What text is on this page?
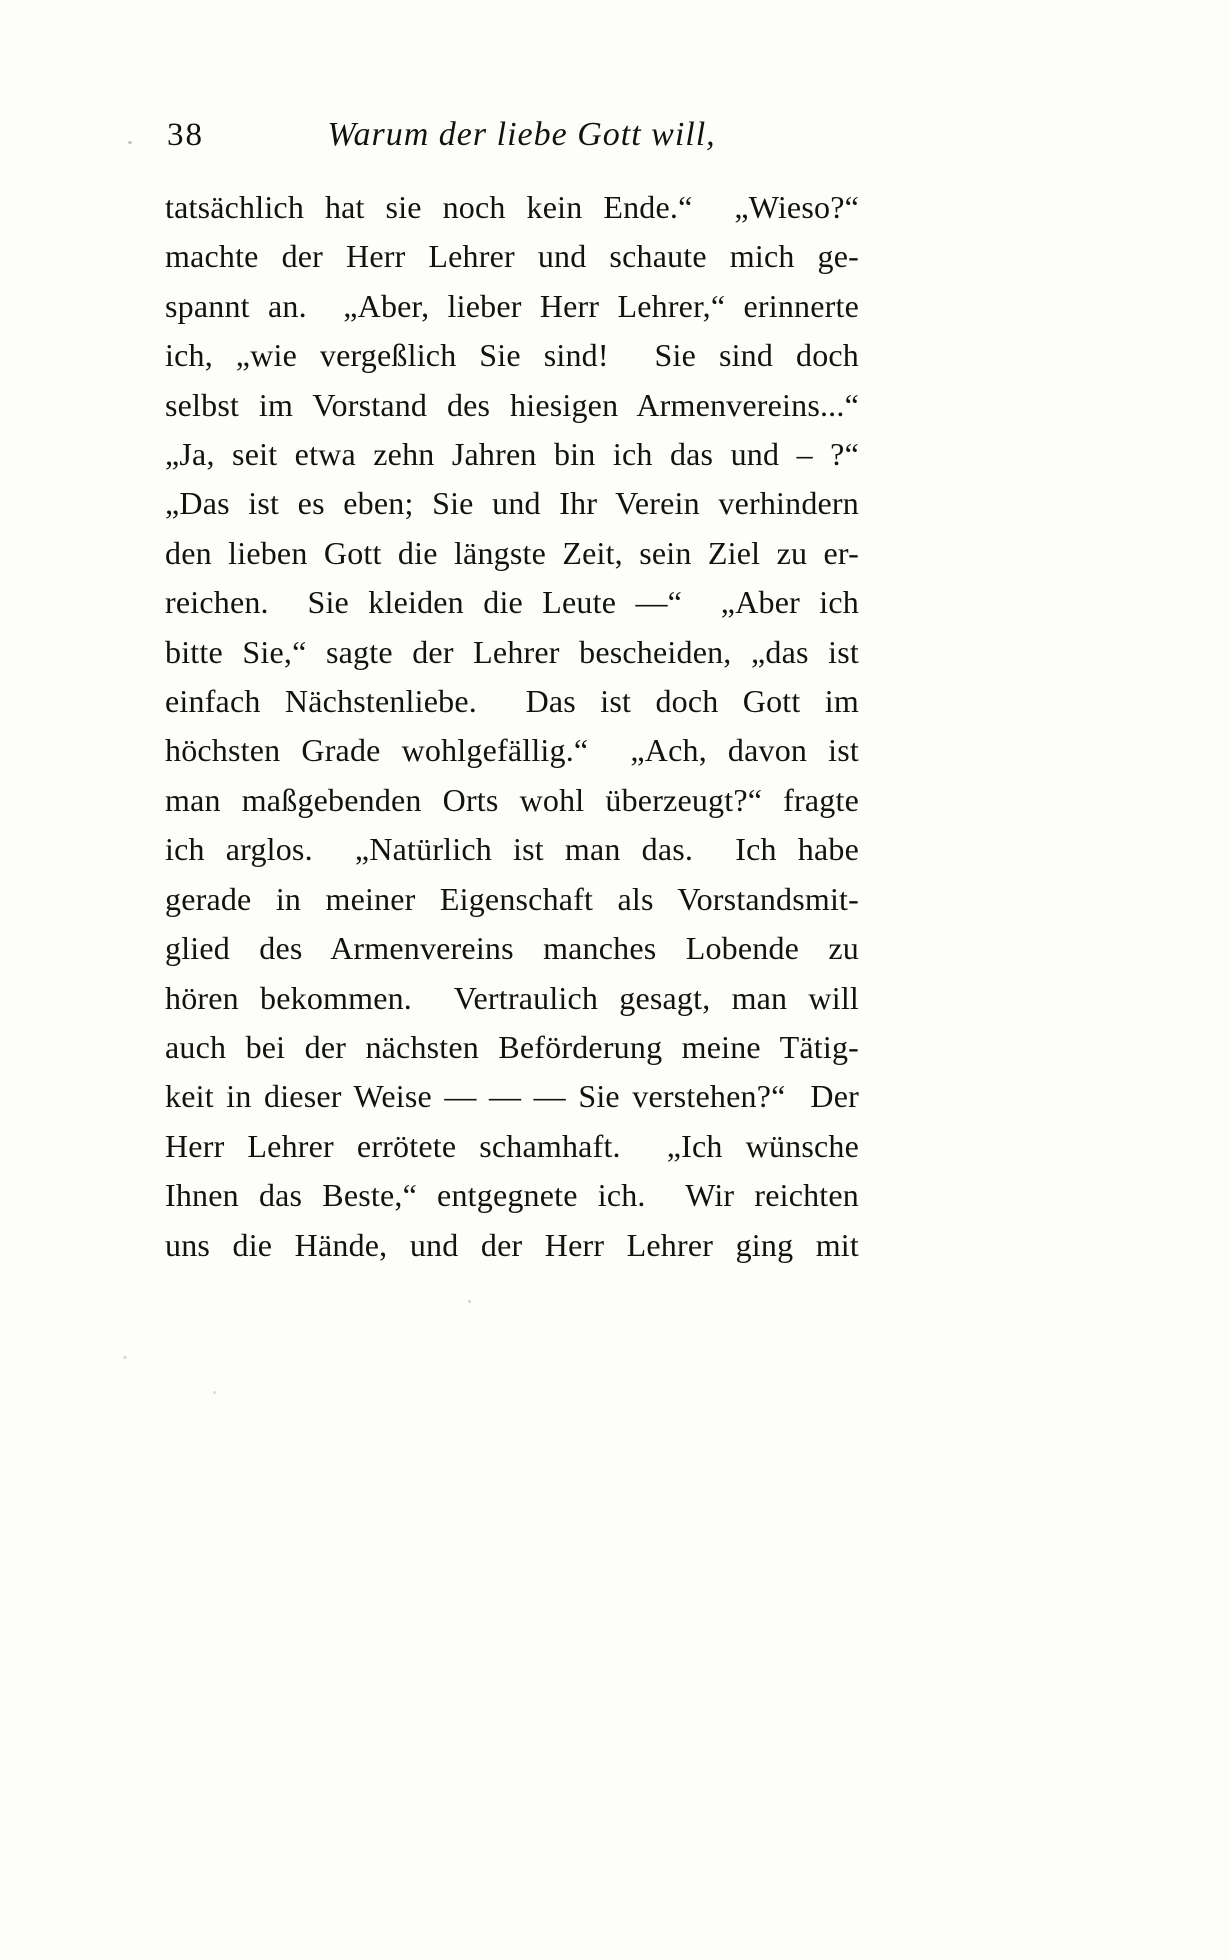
38	Warum der liebe Gott will,
tatsächlich hat sie noch kein Ende.“  „Wieso?“
machte der Herr Lehrer und schaute mich ge-
spannt an.  „Aber, lieber Herr Lehrer,“ erinnerte
ich, „wie vergeßlich Sie sind!  Sie sind doch
selbst im Vorstand des hiesigen Armenvereins...“
„Ja, seit etwa zehn Jahren bin ich das und – ?“
„Das ist es eben; Sie und Ihr Verein verhindern
den lieben Gott die längste Zeit, sein Ziel zu er-
reichen.  Sie kleiden die Leute —“  „Aber ich
bitte Sie,“ sagte der Lehrer bescheiden, „das ist
einfach Nächstenliebe.  Das ist doch Gott im
höchsten Grade wohlgefällig.“  „Ach, davon ist
man maßgebenden Orts wohl überzeugt?“ fragte
ich arglos.  „Natürlich ist man das.  Ich habe
gerade in meiner Eigenschaft als Vorstandsmit-
glied des Armenvereins manches Lobende zu
hören bekommen.  Vertraulich gesagt, man will
auch bei der nächsten Beförderung meine Tätig-
keit in dieser Weise — — — Sie verstehen?“  Der
Herr Lehrer errötete schamhaft.  „Ich wünsche
Ihnen das Beste,“ entgegnete ich.  Wir reichten
uns die Hände, und der Herr Lehrer ging mit
